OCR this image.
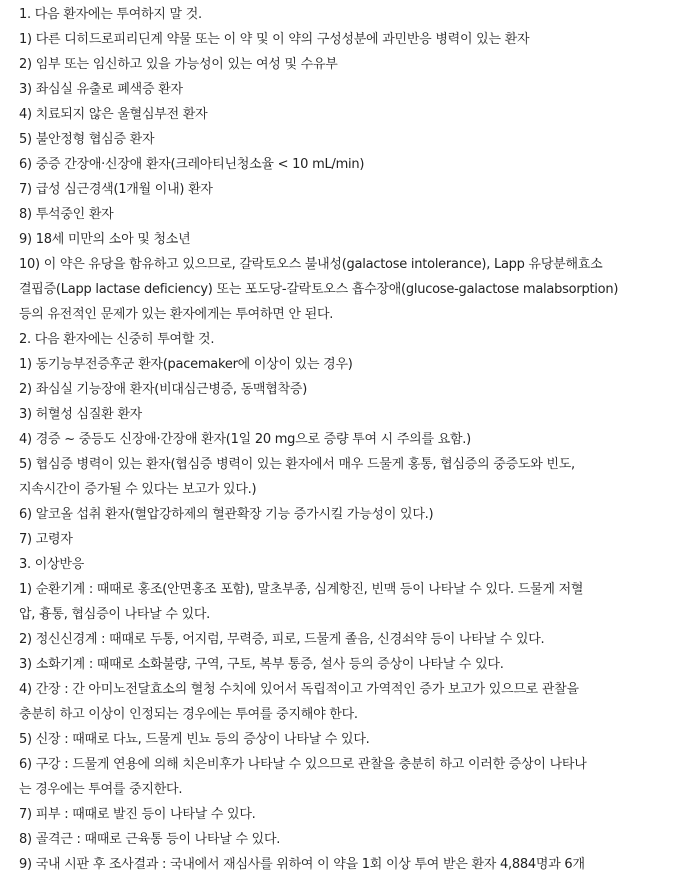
1. 다음 환자에는 투여하지 말 것.
1) 다른 디히드로피리딘계 약물 또는 이 약 및 이 약의 구성성분에 과민반응 병력이 있는 환자
2) 임부 또는 임신하고 있을 가능성이 있는 여성 및 수유부
3) 좌심실 유출로 폐색증 환자
4) 치료되지 않은 울혈심부전 환자
5) 불안정형 협심증 환자
6) 중증 간장애·신장애 환자(크레아티닌청소율 < 10 mL/min)
7) 급성 심근경색(1개월 이내) 환자
8) 투석중인 환자
9) 18세 미만의 소아 및 청소년
10) 이 약은 유당을 함유하고 있으므로, 갈락토오스 불내성(galactose intolerance), Lapp 유당분해효소
결핍증(Lapp lactase deficiency) 또는 포도당-갈락토오스 흡수장애(glucose-galactose malabsorption)
등의 유전적인 문제가 있는 환자에게는 투여하면 안 된다.
2. 다음 환자에는 신중히 투여할 것.
1) 동기능부전증후군 환자(pacemaker에 이상이 있는 경우)
2) 좌심실 기능장애 환자(비대심근병증, 동맥협착증)
3) 허혈성 심질환 환자
4) 경증 ~ 중등도 신장애·간장애 환자(1일 20 mg으로 증량 투여 시 주의를 요함.)
5) 협심증 병력이 있는 환자(협심증 병력이 있는 환자에서 매우 드물게 홍통, 협심증의 중증도와 빈도,
지속시간이 증가될 수 있다는 보고가 있다.)
6) 알코올 섭취 환자(혈압강하제의 혈관확장 기능 증가시킬 가능성이 있다.)
7) 고령자
3. 이상반응
1) 순환기계 : 때때로 홍조(안면홍조 포함), 말초부종, 심계항진, 빈맥 등이 나타날 수 있다. 드물게 저혈
압, 흉통, 협심증이 나타날 수 있다.
2) 정신신경계 : 때때로 두통, 어지럼, 무력증, 피로, 드물게 졸음, 신경쇠약 등이 나타날 수 있다.
3) 소화기계 : 때때로 소화불량, 구역, 구토, 복부 통증, 설사 등의 증상이 나타날 수 있다.
4) 간장 : 간 아미노전달효소의 혈청 수치에 있어서 독립적이고 가역적인 증가 보고가 있으므로 관찰을
충분히 하고 이상이 인정되는 경우에는 투여를 중지해야 한다.
5) 신장 : 때때로 다뇨, 드물게 빈뇨 등의 증상이 나타날 수 있다.
6) 구강 : 드물게 연용에 의해 치은비후가 나타날 수 있으므로 관찰을 충분히 하고 이러한 증상이 나타나
는 경우에는 투여를 중지한다.
7) 피부 : 때때로 발진 등이 나타날 수 있다.
8) 골격근 : 때때로 근육통 등이 나타날 수 있다.
9) 국내 시판 후 조사결과 : 국내에서 재심사를 위하여 이 약을 1회 이상 투여 받은 환자 4,884명과 6개
